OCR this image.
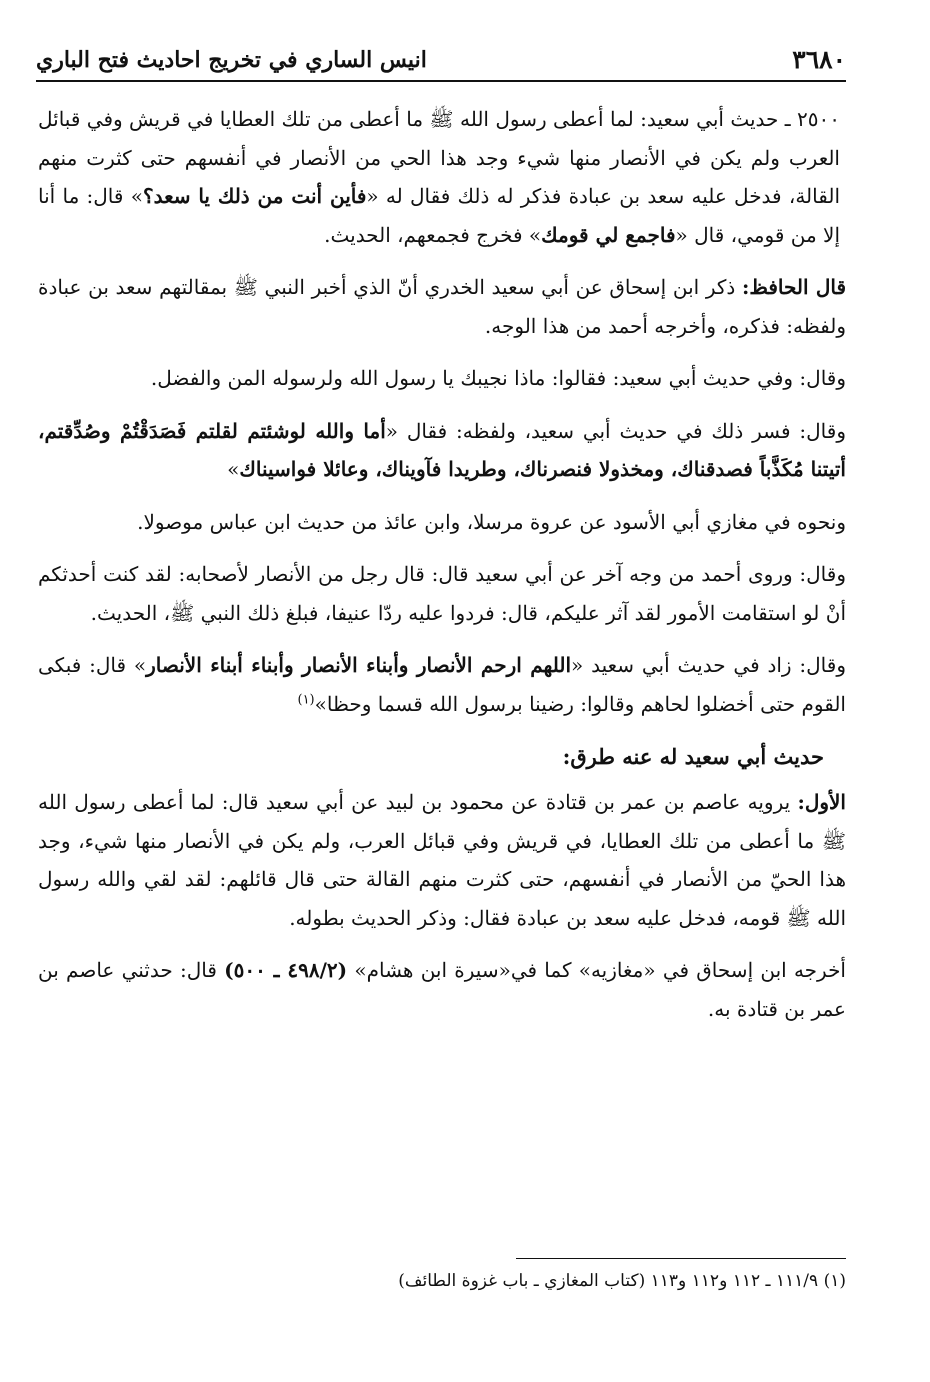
٣٦٨٠
انيس الساري في تخريج احاديث فتح الباري
٢٥٠٠ ـ حديث أبي سعيد: لما أعطى رسول الله ﷺ ما أعطى من تلك العطايا في قريش وفي قبائل العرب ولم يكن في الأنصار منها شيء وجد هذا الحي من الأنصار في أنفسهم حتى كثرت منهم القالة، فدخل عليه سعد بن عبادة فذكر له ذلك فقال له «فأين أنت من ذلك يا سعد؟» قال: ما أنا إلا من قومي، قال «فاجمع لي قومك» فخرج فجمعهم، الحديث.
قال الحافظ: ذكر ابن إسحاق عن أبي سعيد الخدري أنّ الذي أخبر النبي ﷺ بمقالتهم سعد بن عبادة ولفظه: فذكره، وأخرجه أحمد من هذا الوجه.
وقال: وفي حديث أبي سعيد: فقالوا: ماذا نجيبك يا رسول الله ولرسوله المن والفضل.
وقال: فسر ذلك في حديث أبي سعيد، ولفظه: فقال «أما والله لوشئتم لقلتم فَصَدَقْتُمْ وصُدِّقتم، أتيتنا مُكَذَّباً فصدقناك، ومخذولا فنصرناك، وطريدا فآويناك، وعائلا فواسيناك»
ونحوه في مغازي أبي الأسود عن عروة مرسلا، وابن عائذ من حديث ابن عباس موصولا.
وقال: وروى أحمد من وجه آخر عن أبي سعيد قال: قال رجل من الأنصار لأصحابه: لقد كنت أحدثكم أنْ لو استقامت الأمور لقد آثر عليكم، قال: فردوا عليه ردّا عنيفا، فبلغ ذلك النبي ﷺ، الحديث.
وقال: زاد في حديث أبي سعيد «اللهم ارحم الأنصار وأبناء الأنصار وأبناء أبناء الأنصار» قال: فبكى القوم حتى أخضلوا لحاهم وقالوا: رضينا برسول الله قسما وحظا»$^{(١)}$
حديث أبي سعيد له عنه طرق:
الأول: يرويه عاصم بن عمر بن قتادة عن محمود بن لبيد عن أبي سعيد قال: لما أعطى رسول الله ﷺ ما أعطى من تلك العطايا، في قريش وفي قبائل العرب، ولم يكن في الأنصار منها شيء، وجد هذا الحيّ من الأنصار في أنفسهم، حتى كثرت منهم القالة حتى قال قائلهم: لقد لقي والله رسول الله ﷺ قومه، فدخل عليه سعد بن عبادة فقال: وذكر الحديث بطوله.
أخرجه ابن إسحاق في «مغازيه» كما في«سيرة ابن هشام» (٤٩٨/٢ ـ ٥٠٠) قال: حدثني عاصم بن عمر بن قتادة به.
(١) ١١١/٩ ـ ١١٢ و١١٢ و١١٣ (كتاب المغازي ـ باب غزوة الطائف)
